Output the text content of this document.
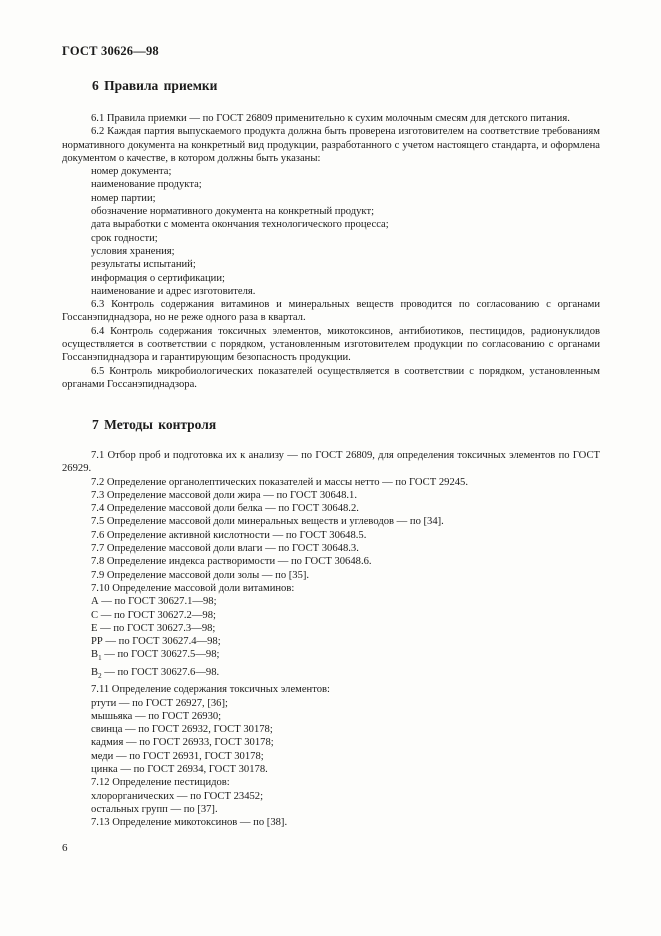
ГОСТ 30626—98
6 Правила приемки

6.1 Правила приемки — по ГОСТ 26809 применительно к сухим молочным смесям для детского питания.

6.2 Каждая партия выпускаемого продукта должна быть проверена изготовителем на соответствие требованиям нормативного документа на конкретный вид продукции, разработанного с учетом настоящего стандарта, и оформлена документом о качестве, в котором должны быть указаны:

номер документа;

наименование продукта;

номер партии;

обозначение нормативного документа на конкретный продукт;

дата выработки с момента окончания технологического процесса;

срок годности;

условия хранения;

результаты испытаний;

информация о сертификации;

наименование и адрес изготовителя.

6.3 Контроль содержания витаминов и минеральных веществ проводится по согласованию с органами Госсанэпиднадзора, но не реже одного раза в квартал.

6.4 Контроль содержания токсичных элементов, микотоксинов, антибиотиков, пестицидов, радионуклидов осуществляется в соответствии с порядком, установленным изготовителем продукции по согласованию с органами Госсанэпиднадзора и гарантирующим безопасность продукции.

6.5 Контроль микробиологических показателей осуществляется в соответствии с порядком, установленным органами Госсанэпиднадзора.

7 Методы контроля

7.1 Отбор проб и подготовка их к анализу — по ГОСТ 26809, для определения токсичных элементов по ГОСТ 26929.

7.2 Определение органолептических показателей и массы нетто — по ГОСТ 29245.

7.3 Определение массовой доли жира — по ГОСТ 30648.1.

7.4 Определение массовой доли белка — по ГОСТ 30648.2.

7.5 Определение массовой доли минеральных веществ и углеводов — по [34].

7.6 Определение активной кислотности — по ГОСТ 30648.5.

7.7 Определение массовой доли влаги — по ГОСТ 30648.3.

7.8 Определение индекса растворимости — по ГОСТ 30648.6.

7.9 Определение массовой доли золы — по [35].

7.10 Определение массовой доли витаминов:

А — по ГОСТ 30627.1—98;

С — по ГОСТ 30627.2—98;

Е — по ГОСТ 30627.3—98;

РР — по ГОСТ 30627.4—98;

$B_1$ — по ГОСТ 30627.5—98;

$B_2$ — по ГОСТ 30627.6—98.

7.11 Определение содержания токсичных элементов:

ртути — по ГОСТ 26927, [36];

мышьяка — по ГОСТ 26930;

свинца — по ГОСТ 26932, ГОСТ 30178;

кадмия — по ГОСТ 26933, ГОСТ 30178;

меди — по ГОСТ 26931, ГОСТ 30178;

цинка — по ГОСТ 26934, ГОСТ 30178.

7.12 Определение пестицидов:

хлорорганических — по ГОСТ 23452;

остальных групп — по [37].

7.13 Определение микотоксинов — по [38].

6
